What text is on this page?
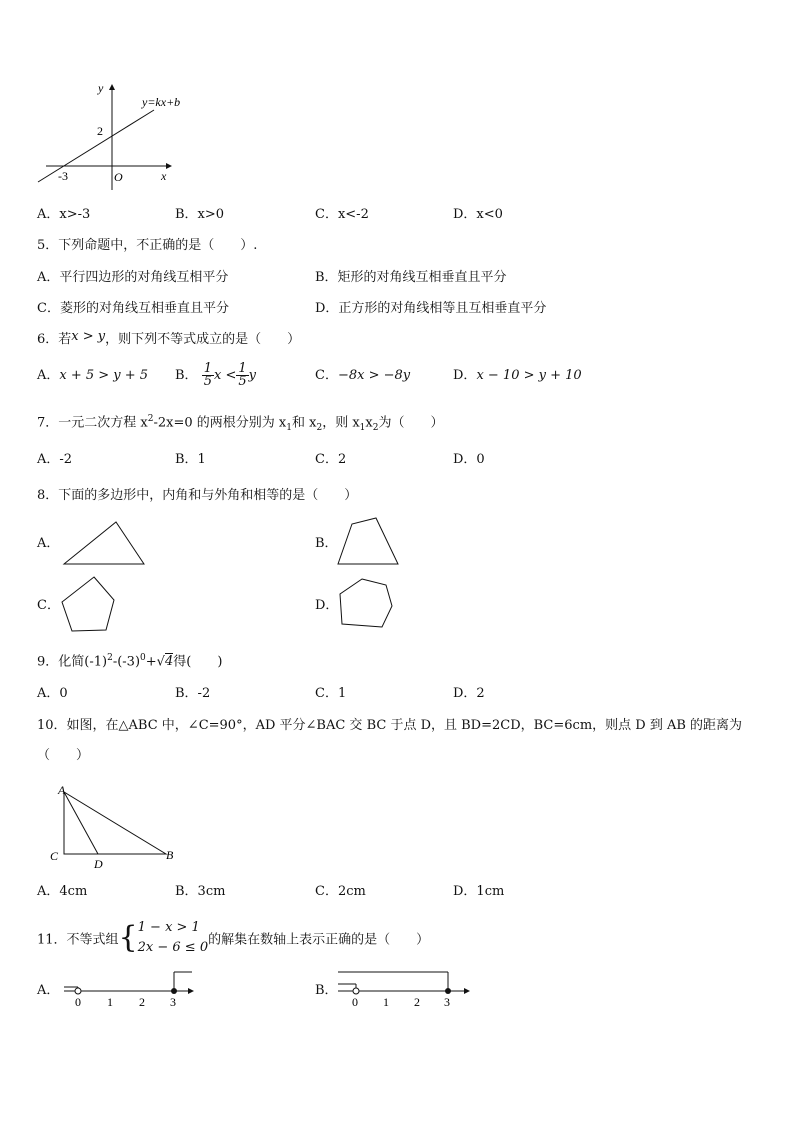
y
x
O
y=kx+b
2
-3
A．x>-3	B．x>0	C．x<-2	D．x<0
5．下列命题中，不正确的是（　　）.
A．平行四边形的对角线互相平分	B．矩形的对角线互相垂直且平分
C．菱形的对角线互相垂直且平分	D．正方形的对角线相等且互相垂直平分
6．若x > y，则下列不等式成立的是（　　）
A．x + 5 > y + 5 B． $\frac{1}{5}$ $x < \frac{1}{5}$ y	C．−8x > −8y	D．x − 10 > y + 10
7．一元二次方程 $x^2-2x=0$ 的两根分别为 $x_1$和 $x_2$，则 $x_1x_2$为（　　）
A．-2	B．1	C．2	D．0
8．下面的多边形中，内角和与外角和相等的是（　　）
A．	B．
C．	D．
9．化简$(-1)^2-(-3)^0+√4$得(　　)
A．0	B．-2	C．1	D．2
10．如图，在△ABC 中，∠C=90°，AD 平分∠BAC 交 BC 于点 D，且 BD=2CD，BC=6cm，则点 D 到 AB 的距离为
（　　）
A
C
D
B
A．4cm	B．3cm	C．2cm	D．1cm
11．不等式组{ 1 − x > 1
2x − 6 ≤ 0 的解集在数轴上表示正确的是（　　）
A．
0 1 2 3
B．
0 1 2 3
